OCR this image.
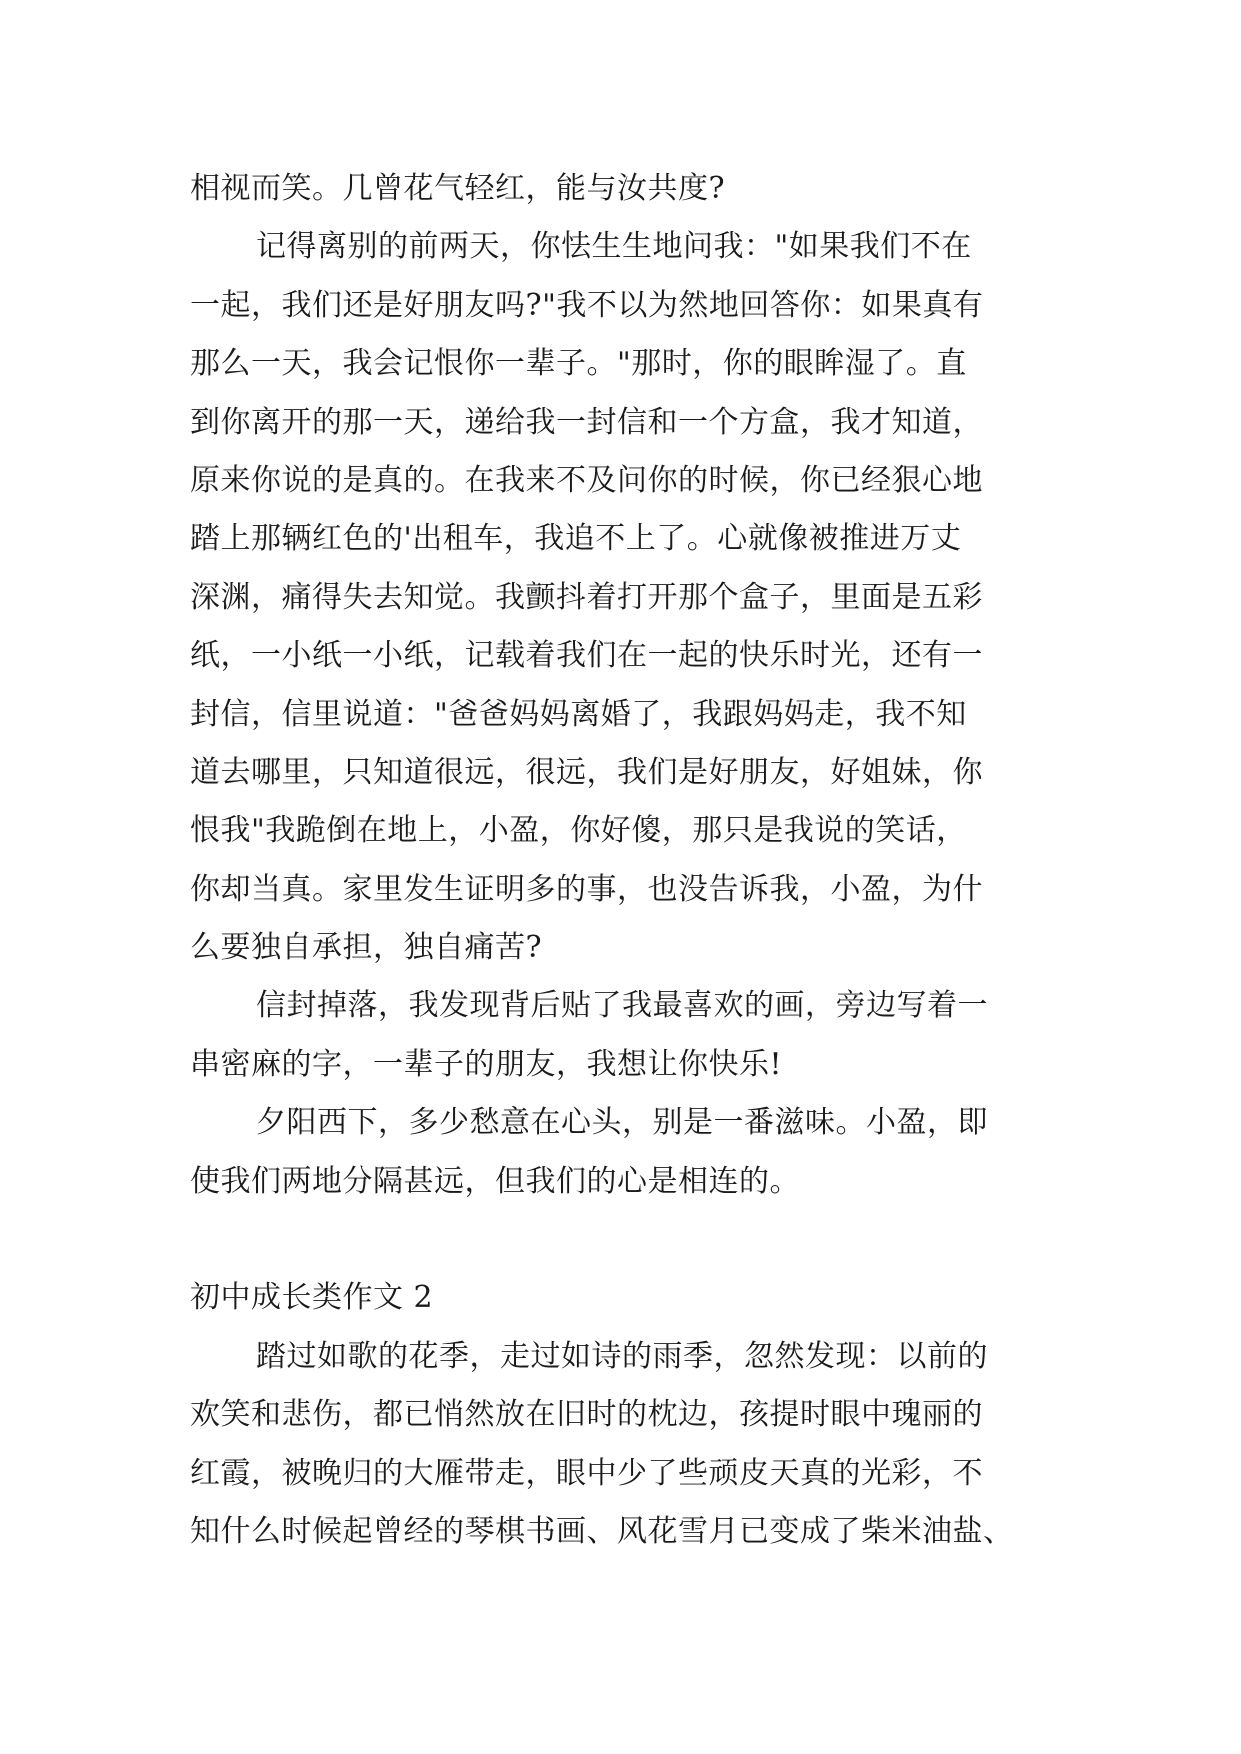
相视而笑。几曾花气轻红，能与汝共度?
记得离别的前两天，你怯生生地问我："如果我们不在
一起，我们还是好朋友吗?"我不以为然地回答你：如果真有
那么一天，我会记恨你一辈子。"那时，你的眼眸湿了。直
到你离开的那一天，递给我一封信和一个方盒，我才知道，
原来你说的是真的。在我来不及问你的时候，你已经狠心地
踏上那辆红色的'出租车，我追不上了。心就像被推进万丈
深渊，痛得失去知觉。我颤抖着打开那个盒子，里面是五彩
纸，一小纸一小纸，记载着我们在一起的快乐时光，还有一
封信，信里说道："爸爸妈妈离婚了，我跟妈妈走，我不知
道去哪里，只知道很远，很远，我们是好朋友，好姐妹，你
恨我"我跪倒在地上，小盈，你好傻，那只是我说的笑话，
你却当真。家里发生证明多的事，也没告诉我，小盈，为什
么要独自承担，独自痛苦?
信封掉落，我发现背后贴了我最喜欢的画，旁边写着一
串密麻的字，一辈子的朋友，我想让你快乐!
夕阳西下，多少愁意在心头，别是一番滋味。小盈，即
使我们两地分隔甚远，但我们的心是相连的。
初中成长类作文 2
踏过如歌的花季，走过如诗的雨季，忽然发现：以前的
欢笑和悲伤，都已悄然放在旧时的枕边，孩提时眼中瑰丽的
红霞，被晚归的大雁带走，眼中少了些顽皮天真的光彩，不
知什么时候起曾经的琴棋书画、风花雪月已变成了柴米油盐、
